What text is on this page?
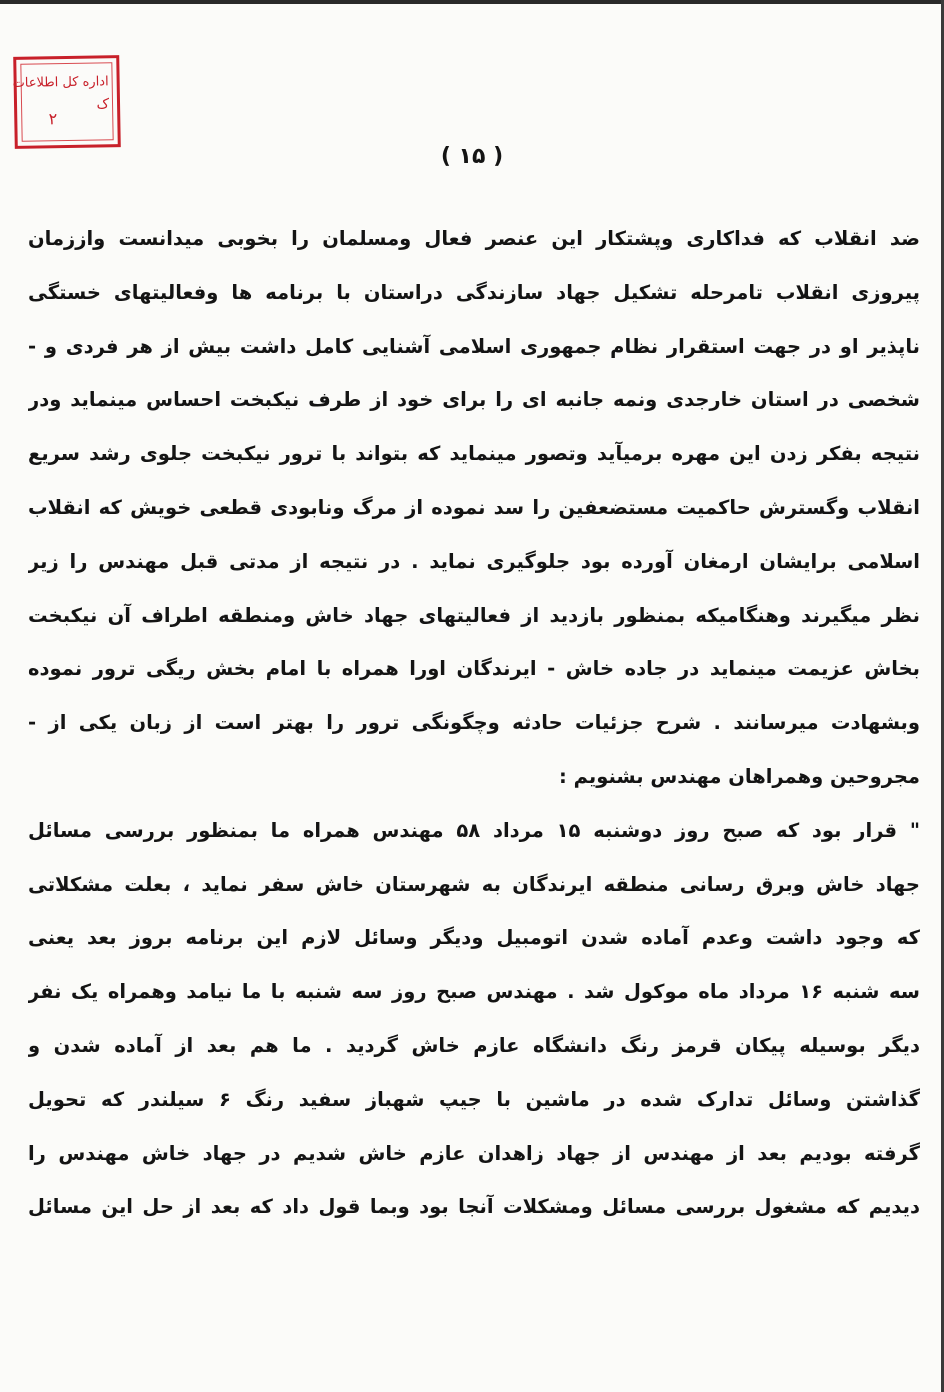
اداره کل اطلاعات
ک
۲
( ۱۵ )
ضد انقلاب که فداکاری وپشتکار این عنصر فعال ومسلمان را بخوبی میدانست واززمان
پیروزی انقلاب تامرحله تشکیل جهاد سازندگی دراستان با برنامه ها وفعالیتهای خستگی
ناپذیر او در جهت استقرار نظام جمهوری اسلامی آشنایی کامل داشت بیش از هر فردی و -
شخصی در استان خارجدی ونمه جانبه ای را برای خود از طرف نیکبخت احساس مینماید ودر
نتیجه بفکر زدن این مهره برمیآید وتصور مینماید که بتواند با ترور نیکبخت جلوی رشد سریع
انقلاب وگسترش حاکمیت مستضعفین را سد نموده از مرگ ونابودی قطعی خویش که انقلاب
اسلامی برایشان ارمغان آورده بود جلوگیری نماید . در نتیجه از مدتی قبل مهندس را زیر
نظر میگیرند وهنگامیکه بمنظور بازدید از فعالیتهای جهاد خاش ومنطقه اطراف آن نیکبخت
بخاش عزیمت مینماید در جاده خاش - ایرندگان اورا همراه با امام بخش ریگی ترور نموده
وبشهادت میرسانند . شرح جزئیات حادثه وچگونگی ترور را بهتر است از زبان یکی از -
مجروحین وهمراهان مهندس بشنویم :
" قرار بود که صبح روز دوشنبه ۱۵ مرداد ۵۸ مهندس همراه ما بمنظور بررسی مسائل
جهاد خاش وبرق رسانی منطقه ایرندگان به شهرستان خاش سفر نماید ، بعلت مشکلاتی
که وجود داشت وعدم آماده شدن اتومبیل ودیگر وسائل لازم این برنامه بروز بعد یعنی
سه شنبه ۱۶ مرداد ماه موکول شد . مهندس صبح روز سه شنبه با ما نیامد وهمراه یک نفر
دیگر بوسیله پیکان قرمز رنگ دانشگاه عازم خاش گردید . ما هم بعد از آماده شدن و
گذاشتن وسائل تدارک شده در ماشین با جیپ شهباز سفید رنگ ۶ سیلندر که تحویل
گرفته بودیم بعد از مهندس از جهاد زاهدان عازم خاش شدیم در جهاد خاش مهندس را
دیدیم که مشغول بررسی مسائل ومشکلات آنجا بود وبما قول داد که بعد از حل این مسائل
